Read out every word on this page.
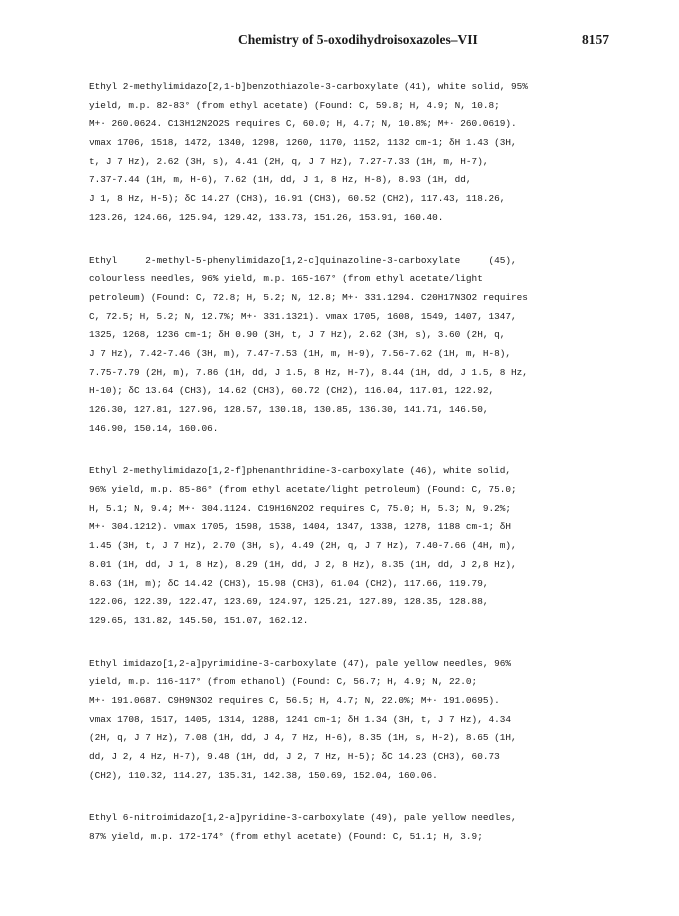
Chemistry of 5-oxodihydroisoxazoles–VII	8157
Ethyl 2-methylimidazo[2,1-b]benzothiazole-3-carboxylate (41), white solid, 95%
yield, m.p. 82-83° (from ethyl acetate) (Found: C, 59.8; H, 4.9; N, 10.8;
M+· 260.0624. C13H12N2O2S requires C, 60.0; H, 4.7; N, 10.8%; M+· 260.0619).
νmax 1706, 1518, 1472, 1340, 1298, 1260, 1170, 1152, 1132 cm-1; δH 1.43 (3H,
t, J 7 Hz), 2.62 (3H, s), 4.41 (2H, q, J 7 Hz), 7.27-7.33 (1H, m, H-7),
7.37-7.44 (1H, m, H-6), 7.62 (1H, dd, J 1, 8 Hz, H-8), 8.93 (1H, dd,
J 1, 8 Hz, H-5); δC 14.27 (CH3), 16.91 (CH3), 60.52 (CH2), 117.43, 118.26,
123.26, 124.66, 125.94, 129.42, 133.73, 151.26, 153.91, 160.40.
Ethyl     2-methyl-5-phenylimidazo[1,2-c]quinazoline-3-carboxylate     (45),
colourless needles, 96% yield, m.p. 165-167° (from ethyl acetate/light
petroleum) (Found: C, 72.8; H, 5.2; N, 12.8; M+· 331.1294. C20H17N3O2 requires
C, 72.5; H, 5.2; N, 12.7%; M+· 331.1321). νmax 1705, 1608, 1549, 1407, 1347,
1325, 1268, 1236 cm-1; δH 0.90 (3H, t, J 7 Hz), 2.62 (3H, s), 3.60 (2H, q,
J 7 Hz), 7.42-7.46 (3H, m), 7.47-7.53 (1H, m, H-9), 7.56-7.62 (1H, m, H-8),
7.75-7.79 (2H, m), 7.86 (1H, dd, J 1.5, 8 Hz, H-7), 8.44 (1H, dd, J 1.5, 8 Hz,
H-10); δC 13.64 (CH3), 14.62 (CH3), 60.72 (CH2), 116.04, 117.01, 122.92,
126.30, 127.81, 127.96, 128.57, 130.18, 130.85, 136.30, 141.71, 146.50,
146.90, 150.14, 160.06.
Ethyl 2-methylimidazo[1,2-f]phenanthridine-3-carboxylate (46), white solid,
96% yield, m.p. 85-86° (from ethyl acetate/light petroleum) (Found: C, 75.0;
H, 5.1; N, 9.4; M+· 304.1124. C19H16N2O2 requires C, 75.0; H, 5.3; N, 9.2%;
M+· 304.1212). νmax 1705, 1598, 1538, 1404, 1347, 1338, 1278, 1188 cm-1; δH
1.45 (3H, t, J 7 Hz), 2.70 (3H, s), 4.49 (2H, q, J 7 Hz), 7.40-7.66 (4H, m),
8.01 (1H, dd, J 1, 8 Hz), 8.29 (1H, dd, J 2, 8 Hz), 8.35 (1H, dd, J 2,8 Hz),
8.63 (1H, m); δC 14.42 (CH3), 15.98 (CH3), 61.04 (CH2), 117.66, 119.79,
122.06, 122.39, 122.47, 123.69, 124.97, 125.21, 127.89, 128.35, 128.88,
129.65, 131.82, 145.50, 151.07, 162.12.
Ethyl imidazo[1,2-a]pyrimidine-3-carboxylate (47), pale yellow needles, 96%
yield, m.p. 116-117° (from ethanol) (Found: C, 56.7; H, 4.9; N, 22.0;
M+· 191.0687. C9H9N3O2 requires C, 56.5; H, 4.7; N, 22.0%; M+· 191.0695).
νmax 1708, 1517, 1405, 1314, 1288, 1241 cm-1; δH 1.34 (3H, t, J 7 Hz), 4.34
(2H, q, J 7 Hz), 7.08 (1H, dd, J 4, 7 Hz, H-6), 8.35 (1H, s, H-2), 8.65 (1H,
dd, J 2, 4 Hz, H-7), 9.48 (1H, dd, J 2, 7 Hz, H-5); δC 14.23 (CH3), 60.73
(CH2), 110.32, 114.27, 135.31, 142.38, 150.69, 152.04, 160.06.
Ethyl 6-nitroimidazo[1,2-a]pyridine-3-carboxylate (49), pale yellow needles,
87% yield, m.p. 172-174° (from ethyl acetate) (Found: C, 51.1; H, 3.9;
